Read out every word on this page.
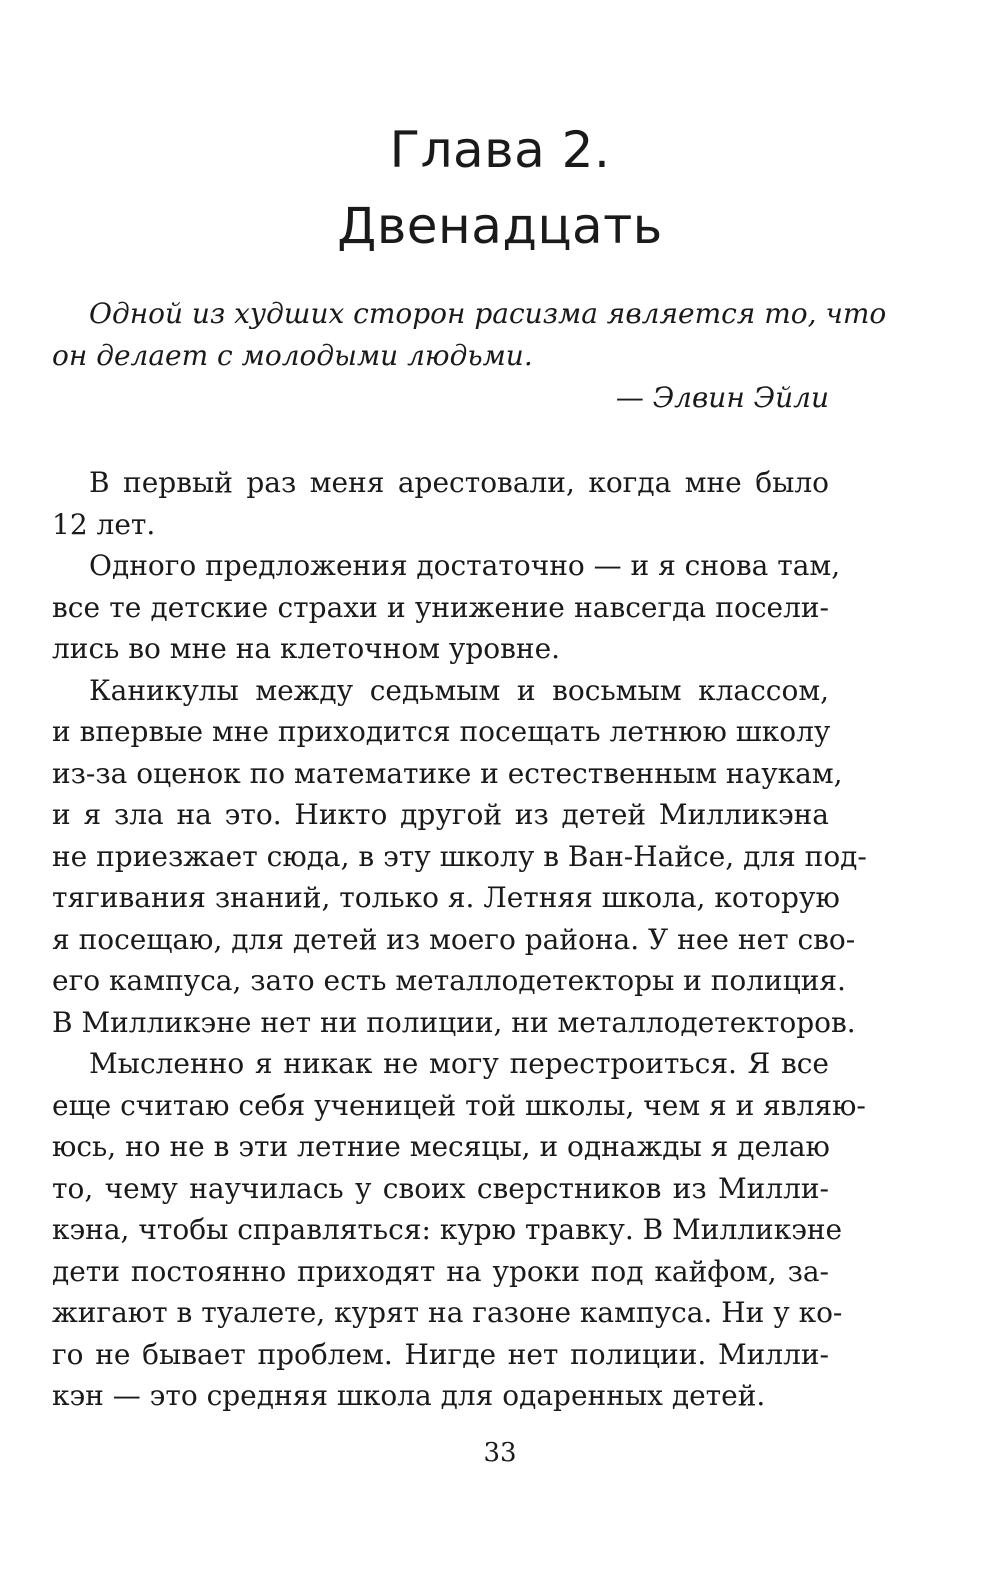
Глава 2.
Двенадцать
Одной из худших сторон расизма является то, что
он делает с молодыми людьми.
— Элвин Эйли
В первый раз меня арестовали, когда мне было
12 лет.
Одного предложения достаточно — и я снова там,
все те детские страхи и унижение навсегда посели-
лись во мне на клеточном уровне.
Каникулы между седьмым и восьмым классом,
и впервые мне приходится посещать летнюю школу
из-за оценок по математике и естественным наукам,
и я зла на это. Никто другой из детей Милликэна
не приезжает сюда, в эту школу в Ван-Найсе, для под-
тягивания знаний, только я. Летняя школа, которую
я посещаю, для детей из моего района. У нее нет сво-
его кампуса, зато есть металлодетекторы и полиция.
В Милликэне нет ни полиции, ни металлодетекторов.
Мысленно я никак не могу перестроиться. Я все
еще считаю себя ученицей той школы, чем я и являю-
юсь, но не в эти летние месяцы, и однажды я делаю
то, чему научилась у своих сверстников из Милли-
кэна, чтобы справляться: курю травку. В Милликэне
дети постоянно приходят на уроки под кайфом, за-
жигают в туалете, курят на газоне кампуса. Ни у ко-
го не бывает проблем. Нигде нет полиции. Милли-
кэн — это средняя школа для одаренных детей.
33
